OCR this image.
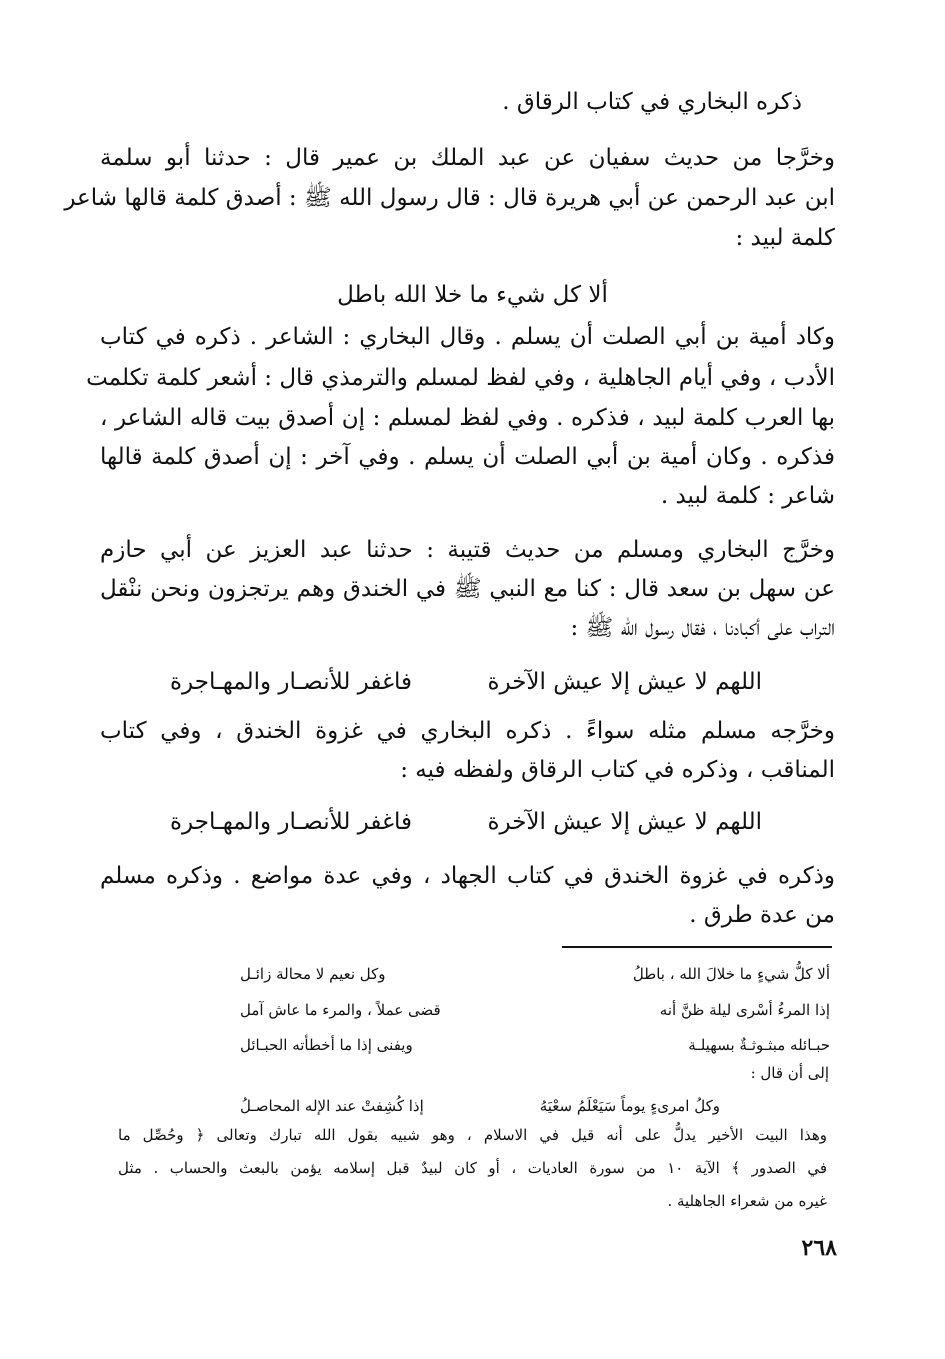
ذكره البخاري في كتاب الرقاق .
وخرَّجا من حديث سفيان عن عبد الملك بن عمير قال : حدثنا أبو سلمة
ابن عبد الرحمن عن أبي هريرة قال : قال رسول الله ﷺ : أصدق كلمة قالها شاعر
كلمة لبيد :
ألا كل شيء ما خلا الله باطل
وكاد أمية بن أبي الصلت أن يسلم . وقال البخاري : الشاعر . ذكره في كتاب
الأدب ، وفي أيام الجاهلية ، وفي لفظ لمسلم والترمذي قال : أشعر كلمة تكلمت
بها العرب كلمة لبيد ، فذكره . وفي لفظ لمسلم : إن أصدق بيت قاله الشاعر ،
فذكره . وكان أمية بن أبي الصلت أن يسلم . وفي آخر : إن أصدق كلمة قالها
شاعر : كلمة لبيد .
وخرَّج البخاري ومسلم من حديث قتيبة : حدثنا عبد العزيز عن أبي حازم
عن سهل بن سعد قال : كنا مع النبي ﷺ في الخندق وهم يرتجزون ونحن ننْقل
التراب على أكبادنا ، فقال رسول الله ﷺ :
اللهم لا عيش إلا عيش الآخرة
فاغفر للأنصـار والمهـاجرة
وخرَّجه مسلم مثله سواءً . ذكره البخاري في غزوة الخندق ، وفي كتاب
المناقب ، وذكره في كتاب الرقاق ولفظه فيه :
اللهم لا عيش إلا عيش الآخرة
فاغفر للأنصـار والمهـاجرة
وذكره في غزوة الخندق في كتاب الجهاد ، وفي عدة مواضع . وذكره مسلم
من عدة طرق .
ألا كلُّ شيءٍ ما خلالَ الله ، باطلُ
وكل نعيم لا محالة زائـل
إذا المرءُ أسْرى ليلة ظنَّ أنه
قضى عملاً ، والمرء ما عاش آمل
حبـائله مبثـوثـةٌ بسهيلـة
ويفنى إذا ما أخطأته الحبـائل
إلى أن قال :
وكلُ امرىءٍ يوماً سَيَعْلَمُ سعْيَهُ
إذا كُشِفتْ عند الإله المحاصـلُ
وهذا البيت الأخير يدلُّ على أنه قيل في الاسلام ، وهو شبيه بقول الله تبارك وتعالى ﴿ وحُصِّل ما
في الصدور ﴾ الآية ١٠ من سورة العاديات ، أو كان لبيدٌ قبل إسلامه يؤمن بالبعث والحساب . مثل
غيره من شعراء الجاهلية .
٢٦٨
